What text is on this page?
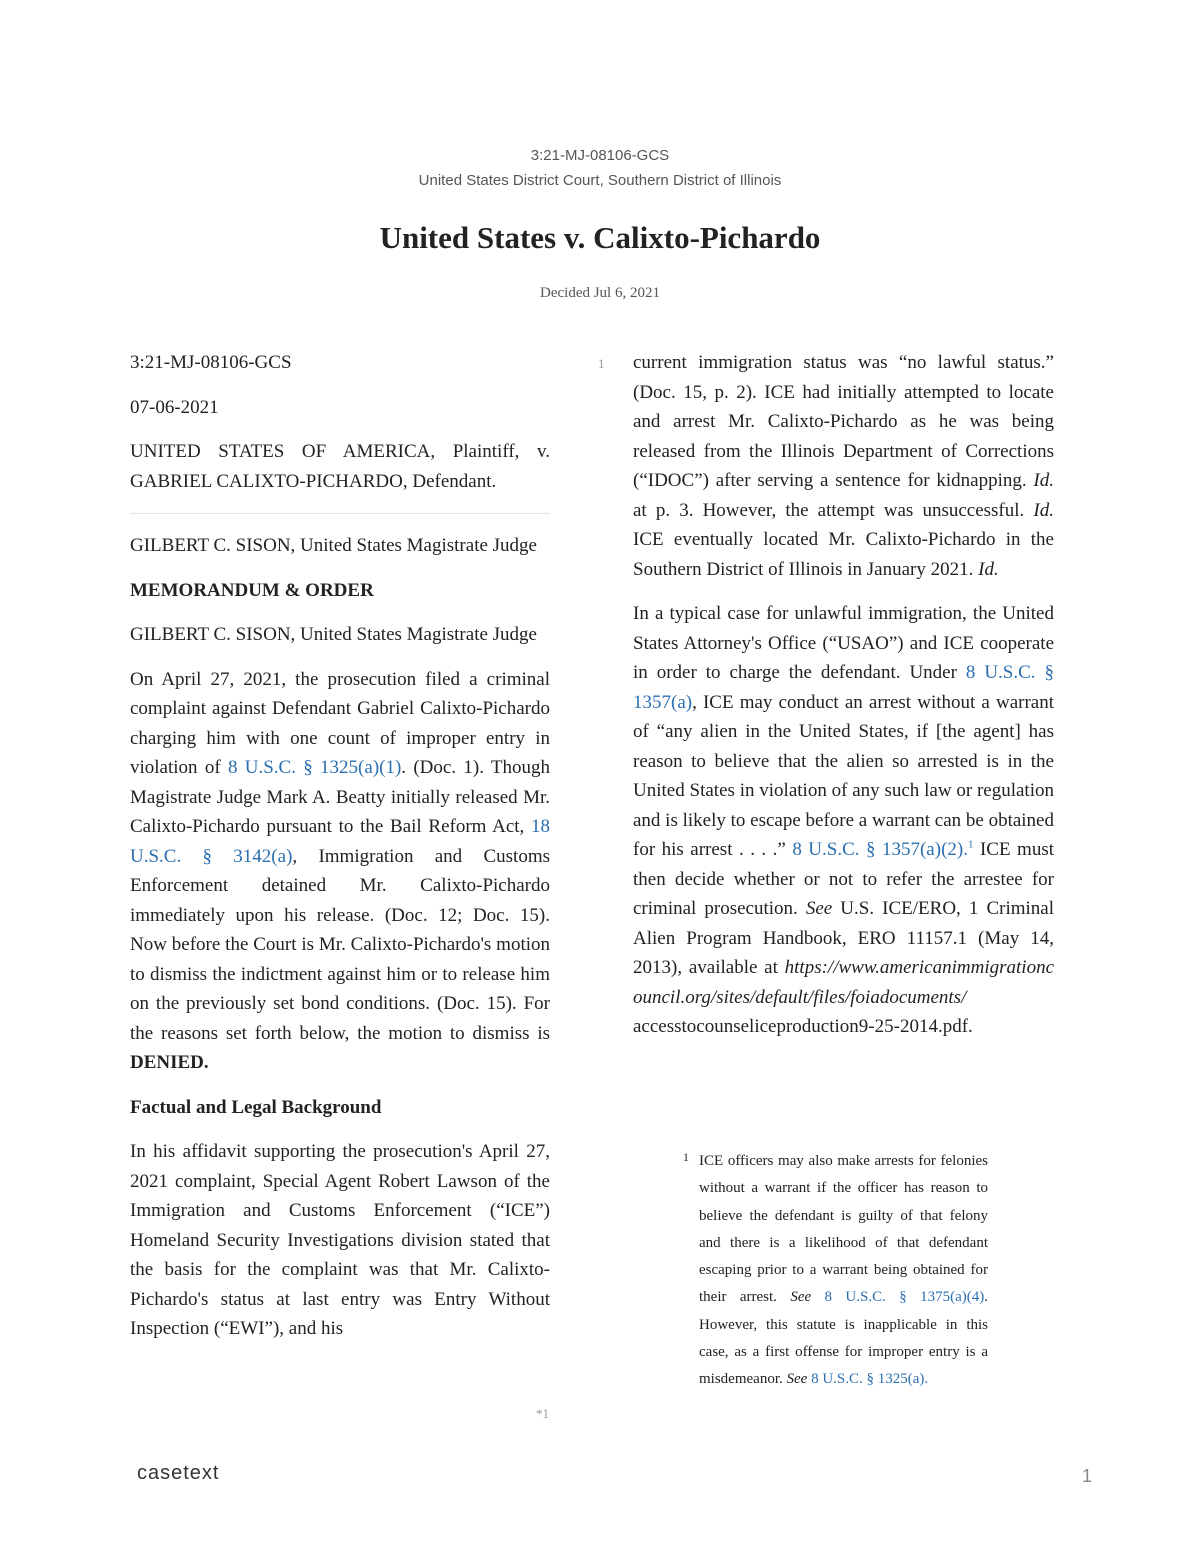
3:21-MJ-08106-GCS
United States District Court, Southern District of Illinois
United States v. Calixto-Pichardo
Decided Jul 6, 2021

3:21-MJ-08106-GCS

07-06-2021

UNITED STATES OF AMERICA, Plaintiff, v. GABRIEL CALIXTO-PICHARDO, Defendant.

GILBERT C. SISON, United States Magistrate Judge

MEMORANDUM & ORDER

GILBERT C. SISON, United States Magistrate Judge

On April 27, 2021, the prosecution filed a criminal complaint against Defendant Gabriel Calixto-Pichardo charging him with one count of improper entry in violation of 8 U.S.C. § 1325(a)(1). (Doc. 1). Though Magistrate Judge Mark A. Beatty initially released Mr. Calixto-Pichardo pursuant to the Bail Reform Act, 18 U.S.C. § 3142(a), Immigration and Customs Enforcement detained Mr. Calixto-Pichardo immediately upon his release. (Doc. 12; Doc. 15). Now before the Court is Mr. Calixto-Pichardo's motion to dismiss the indictment against him or to release him on the previously set bond conditions. (Doc. 15). For the reasons set forth below, the motion to dismiss is DENIED.

Factual and Legal Background

In his affidavit supporting the prosecution's April 27, 2021 complaint, Special Agent Robert Lawson of the Immigration and Customs Enforcement (“ICE”) Homeland Security Investigations division stated that the basis for the complaint was that Mr. Calixto-Pichardo's status at last entry was Entry Without Inspection (“EWI”), and his

*1
1 current immigration status was “no lawful status.” (Doc. 15, p. 2). ICE had initially attempted to locate and arrest Mr. Calixto-Pichardo as he was being released from the Illinois Department of Corrections (“IDOC”) after serving a sentence for kidnapping. Id. at p. 3. However, the attempt was unsuccessful. Id. ICE eventually located Mr. Calixto-Pichardo in the Southern District of Illinois in January 2021. Id.

In a typical case for unlawful immigration, the United States Attorney's Office (“USAO”) and ICE cooperate in order to charge the defendant. Under 8 U.S.C. § 1357(a), ICE may conduct an arrest without a warrant of “any alien in the United States, if [the agent] has reason to believe that the alien so arrested is in the United States in violation of any such law or regulation and is likely to escape before a warrant can be obtained for his arrest . . . .” 8 U.S.C. § 1357(a)(2).$^1$ ICE must then decide whether or not to refer the arrestee for criminal prosecution. See U.S. ICE/ERO, 1 Criminal Alien Program Handbook, ERO 11157.1 (May 14, 2013), available at https://www.americanimmigrationcouncil.org/sites/default/files/foiadocuments/
accesstocounseliceproduction9-25-2014.pdf.

1 ICE officers may also make arrests for felonies without a warrant if the officer has reason to believe the defendant is guilty of that felony and there is a likelihood of that defendant escaping prior to a warrant being obtained for their arrest. See 8 U.S.C. § 1375(a)(4). However, this statute is inapplicable in this case, as a first offense for improper entry is a misdemeanor. See 8 U.S.C. § 1325(a).
casetext	1
